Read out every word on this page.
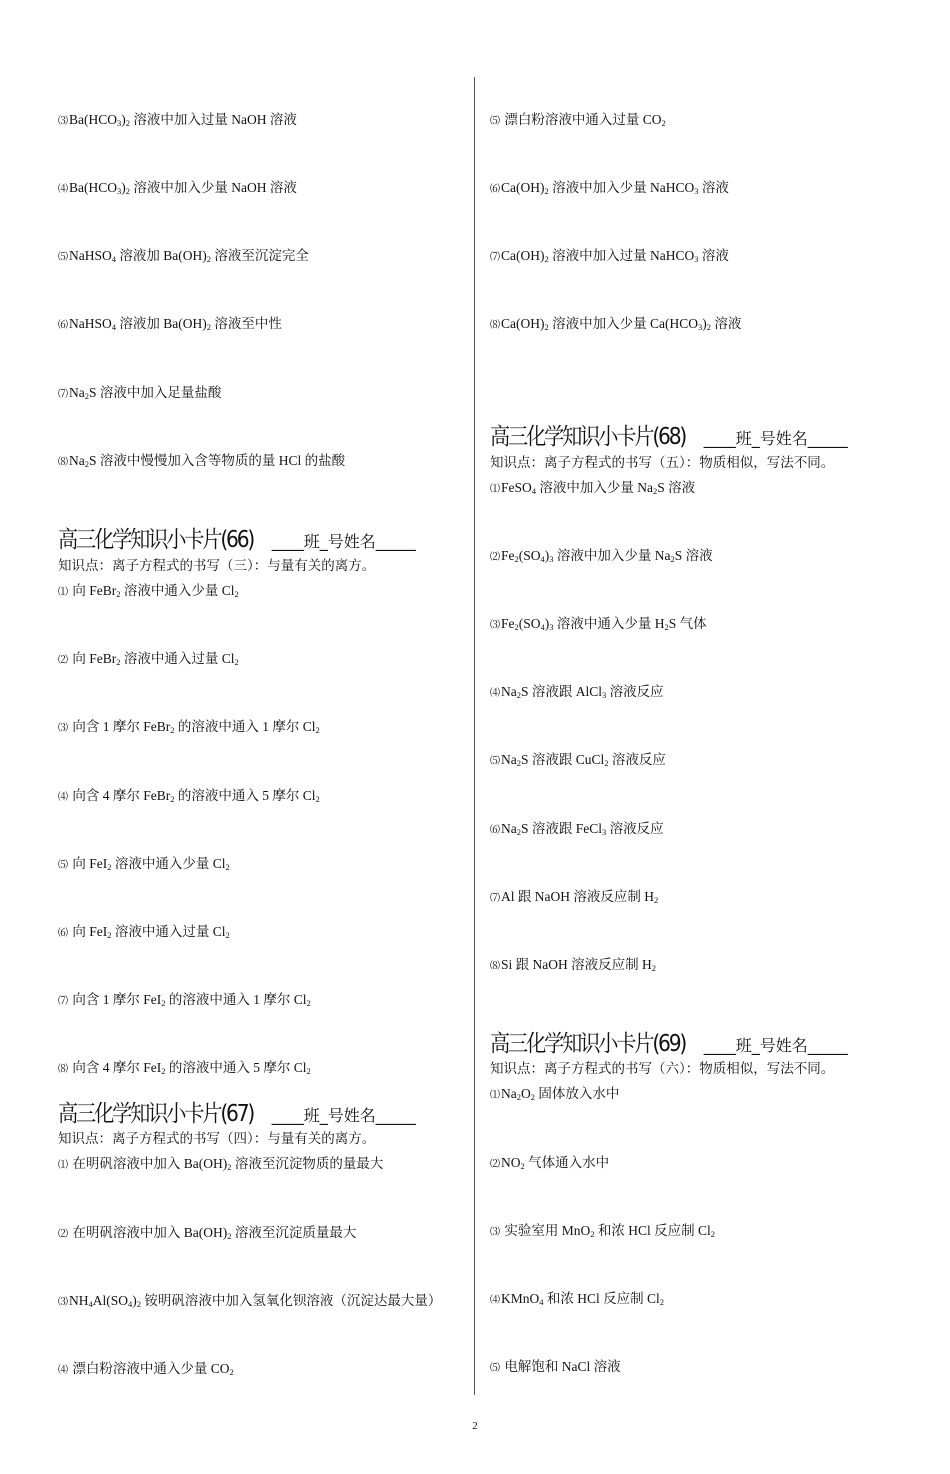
$⑶Ba(HCO_3)_2$ 溶液中加入过量 NaOH 溶液
$⑷Ba(HCO_3)_2$ 溶液中加入少量 NaOH 溶液
⑸NaHSO$_4$ 溶液加 $Ba(OH)_2$ 溶液至沉淀完全
⑹NaHSO$_4$ 溶液加 $Ba(OH)_2$ 溶液至中性
$⑺Na_2S$ 溶液中加入足量盐酸
$⑻Na_2S$ 溶液中慢慢加入含等物质的量 HCl 的盐酸
高三化学知识小卡片(66) ____班_号姓名_____
知识点：离子方程式的书写（三）：与量有关的离方。
⑴ 向 FeBr$_2$ 溶液中通入少量 $Cl_2$
⑵ 向 FeBr$_2$ 溶液中通入过量 $Cl_2$
⑶ 向含 1 摩尔 FeBr$_2$ 的溶液中通入 1 摩尔 $Cl_2$
⑷ 向含 4 摩尔 FeBr$_2$ 的溶液中通入 5 摩尔 $Cl_2$
⑸ 向 FeI$_2$ 溶液中通入少量 $Cl_2$
⑹ 向 FeI$_2$ 溶液中通入过量 $Cl_2$
⑺ 向含 1 摩尔 FeI$_2$ 的溶液中通入 1 摩尔 $Cl_2$
⑻ 向含 4 摩尔 FeI$_2$ 的溶液中通入 5 摩尔 $Cl_2$
高三化学知识小卡片(67) ____班_号姓名_____
知识点：离子方程式的书写（四）：与量有关的离方。
⑴ 在明矾溶液中加入 $Ba(OH)_2$ 溶液至沉淀物质的量最大
⑵ 在明矾溶液中加入 $Ba(OH)_2$ 溶液至沉淀质量最大
$⑶NH_4Al(SO_4)_2$ 铵明矾溶液中加入氢氧化钡溶液（沉淀达最大量）
⑷ 漂白粉溶液中通入少量 $CO_2$
⑸ 漂白粉溶液中通入过量 $CO_2$
$⑹Ca(OH)_2$ 溶液中加入少量 NaHCO$_3$ 溶液
$⑺Ca(OH)_2$ 溶液中加入过量 NaHCO$_3$ 溶液
$⑻Ca(OH)_2$ 溶液中加入少量 $Ca(HCO_3)_2$ 溶液
高三化学知识小卡片(68) ____班_号姓名_____
知识点：离子方程式的书写（五）：物质相似，写法不同。
⑴FeSO$_4$ 溶液中加入少量 $Na_2S$ 溶液
$⑵Fe_2(SO_4)_3$ 溶液中加入少量 $Na_2S$ 溶液
$⑶Fe_2(SO_4)_3$ 溶液中通入少量 $H_2S$ 气体
$⑷Na_2S$ 溶液跟 AlCl$_3$ 溶液反应
$⑸Na_2S$ 溶液跟 CuCl$_2$ 溶液反应
$⑹Na_2S$ 溶液跟 FeCl$_3$ 溶液反应
⑺Al 跟 NaOH 溶液反应制 $H_2$
⑻Si 跟 NaOH 溶液反应制 $H_2$
高三化学知识小卡片(69) ____班_号姓名_____
知识点：离子方程式的书写（六）：物质相似，写法不同。
$⑴Na_2O_2$ 固体放入水中
$⑵NO_2$ 气体通入水中
⑶ 实验室用 MnO$_2$ 和浓 HCl 反应制 $Cl_2$
⑷KMnO$_4$ 和浓 HCl 反应制 $Cl_2$
⑸ 电解饱和 NaCl 溶液
2
